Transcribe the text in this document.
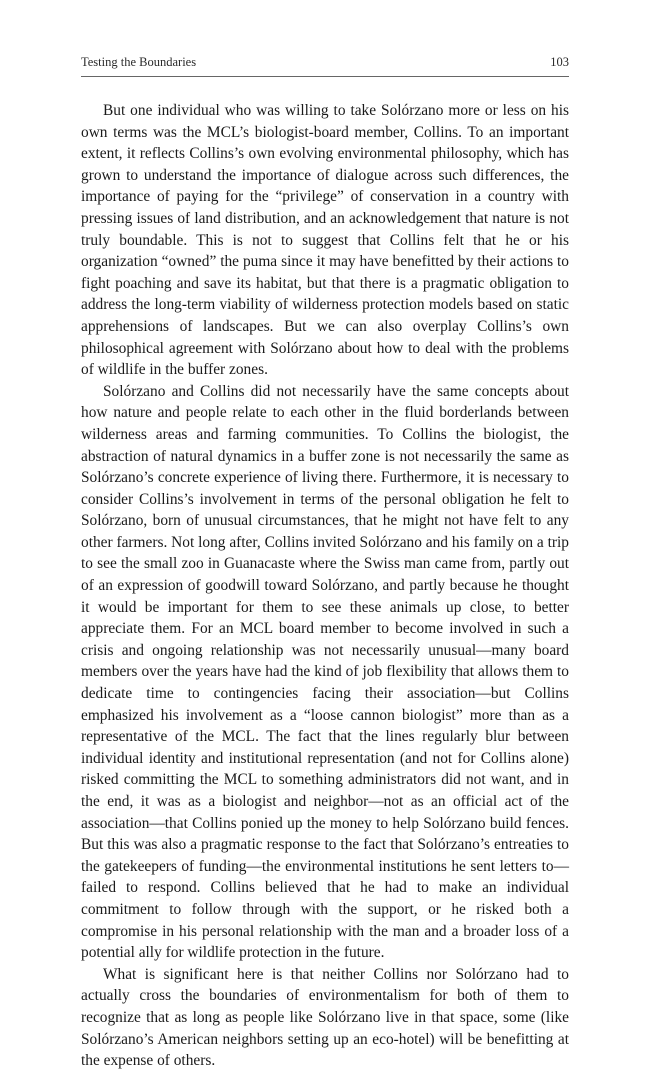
Testing the Boundaries	103

But one individual who was willing to take Solórzano more or less on his own terms was the MCL’s biologist-board member, Collins. To an important extent, it reflects Collins’s own evolving environmental philosophy, which has grown to understand the importance of dialogue across such differences, the importance of paying for the “privilege” of conservation in a country with pressing issues of land distribution, and an acknowledgement that nature is not truly boundable. This is not to suggest that Collins felt that he or his organization “owned” the puma since it may have benefitted by their actions to fight poaching and save its habitat, but that there is a pragmatic obligation to address the long-term viability of wilderness protection models based on static apprehensions of landscapes. But we can also overplay Collins’s own philosophical agreement with Solórzano about how to deal with the problems of wildlife in the buffer zones.

Solórzano and Collins did not necessarily have the same concepts about how nature and people relate to each other in the fluid borderlands between wilderness areas and farming communities. To Collins the biologist, the abstraction of natural dynamics in a buffer zone is not necessarily the same as Solórzano’s concrete experience of living there. Furthermore, it is necessary to consider Collins’s involvement in terms of the personal obligation he felt to Solórzano, born of unusual circumstances, that he might not have felt to any other farmers. Not long after, Collins invited Solórzano and his family on a trip to see the small zoo in Guanacaste where the Swiss man came from, partly out of an expression of goodwill toward Solórzano, and partly because he thought it would be important for them to see these animals up close, to better appreciate them. For an MCL board member to become involved in such a crisis and ongoing relationship was not necessarily unusual—many board members over the years have had the kind of job flexibility that allows them to dedicate time to contingencies facing their association—but Collins emphasized his involvement as a “loose cannon biologist” more than as a representative of the MCL. The fact that the lines regularly blur between individual identity and institutional representation (and not for Collins alone) risked committing the MCL to something administrators did not want, and in the end, it was as a biologist and neighbor—not as an official act of the association—that Collins ponied up the money to help Solórzano build fences. But this was also a pragmatic response to the fact that Solórzano’s entreaties to the gatekeepers of funding—the environmental institutions he sent letters to—failed to respond. Collins believed that he had to make an individual commitment to follow through with the support, or he risked both a compromise in his personal relationship with the man and a broader loss of a potential ally for wildlife protection in the future.

What is significant here is that neither Collins nor Solórzano had to actually cross the boundaries of environmentalism for both of them to recognize that as long as people like Solórzano live in that space, some (like Solórzano’s American neighbors setting up an eco-hotel) will be benefitting at the expense of others.
